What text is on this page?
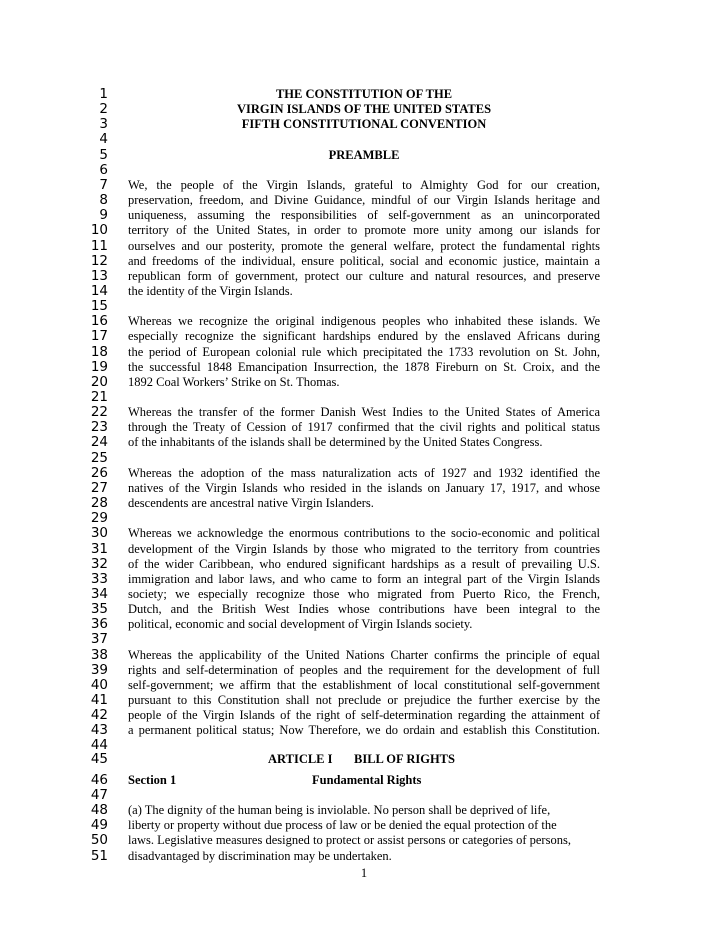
1	THE CONSTITUTION OF THE
2	VIRGIN ISLANDS OF THE UNITED STATES
3	FIFTH CONSTITUTIONAL CONVENTION
4
5	PREAMBLE
6
7 We, the people of the Virgin Islands, grateful to Almighty God for our creation,
8 preservation, freedom, and Divine Guidance, mindful of our Virgin Islands heritage and
9 uniqueness, assuming the responsibilities of self-government as an unincorporated
10 territory of the United States, in order to promote more unity among our islands for
11 ourselves and our posterity, promote the general welfare, protect the fundamental rights
12 and freedoms of the individual, ensure political, social and economic justice, maintain a
13 republican form of government, protect our culture and natural resources, and preserve
14 the identity of the Virgin Islands.
15
16 Whereas we recognize the original indigenous peoples who inhabited these islands. We
17 especially recognize the significant hardships endured by the enslaved Africans during
18 the period of European colonial rule which precipitated the 1733 revolution on St. John,
19 the successful 1848 Emancipation Insurrection, the 1878 Fireburn on St. Croix, and the
20 1892 Coal Workers’ Strike on St. Thomas.
21
22 Whereas the transfer of the former Danish West Indies to the United States of America
23 through the Treaty of Cession of 1917 confirmed that the civil rights and political status
24 of the inhabitants of the islands shall be determined by the United States Congress.
25
26 Whereas the adoption of the mass naturalization acts of 1927 and 1932 identified the
27 natives of the Virgin Islands who resided in the islands on January 17, 1917, and whose
28 descendents are ancestral native Virgin Islanders.
29
30 Whereas we acknowledge the enormous contributions to the socio-economic and political
31 development of the Virgin Islands by those who migrated to the territory from countries
32 of the wider Caribbean, who endured significant hardships as a result of prevailing U.S.
33 immigration and labor laws, and who came to form an integral part of the Virgin Islands
34 society; we especially recognize those who migrated from Puerto Rico, the French,
35 Dutch, and the British West Indies whose contributions have been integral to the
36 political, economic and social development of Virgin Islands society.
37
38 Whereas the applicability of the United Nations Charter confirms the principle of equal
39 rights and self-determination of peoples and the requirement for the development of full
40 self-government; we affirm that the establishment of local constitutional self-government
41 pursuant to this Constitution shall not preclude or prejudice the further exercise by the
42 people of the Virgin Islands of the right of self-determination regarding the attainment of
43 a permanent political status; Now Therefore, we do ordain and establish this Constitution.
44
45	ARTICLE I BILL OF RIGHTS
46 Section 1	Fundamental Rights
47
48 (a) The dignity of the human being is inviolable. No person shall be deprived of life,
49 liberty or property without due process of law or be denied the equal protection of the
50 laws. Legislative measures designed to protect or assist persons or categories of persons,
51 disadvantaged by discrimination may be undertaken.
1
